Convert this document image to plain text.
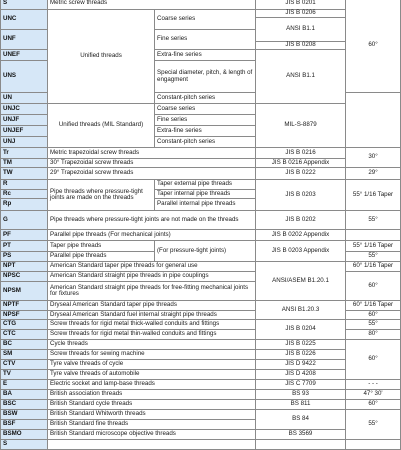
S	Metric screw threads		JIS B 0201	60°
UNC	Unified threads	Coarse series	JIS B 0206	
			ANSI B1.1	
UNF		Fine series		
			JIS B 0208	
UNEF		Extra-fine series	ANSI B1.1	
UNS		Special diameter, pitch, & length of engagment		
UN		Constant-pitch series		
UNJC	Unified threads (MIL Standard)	Coarse series	MIL-S-8879	
UNJF		Fine series		
UNJEF		Extra-fine series		
UNJ		Constant-pitch series		
Tr	Metric trapezoidal screw threads		JIS B 0216	30°
TM	30° Trapezoidal screw threads		JIS B 0216 Appendix	
TW	29° Trapezoidal screw threads		JIS B 0222	29°
R	Pipe threads where pressure-tight joints are made on the threads	Taper external pipe threads	JIS B 0203	55° 1/16 Taper
Rc		Taper internal pipe threads		
Rp		Parallel internal pipe threads		
G	Pipe threads where pressure-tight joints are not made on the threads		JIS B 0202	55°
PF	Parallel pipe threads (For mechanical joints)		JIS B 0202 Appendix	
PT	Taper pipe threads	(For pressure-tight joints)	JIS B 0203 Appendix	55° 1/16 Taper
PS	Parallel pipe threads			55°
NPT	American Standard taper pipe threads for general use		ANSI/ASEM B1.20.1	60° 1/16 Taper
NPSC	American Standard straight pipe threads in pipe couplings			60°
NPSM	American Standard straight pipe threads for free-fitting mechanical joints for fixtures			
NPTF	Dryseal American Standard taper pipe threads		ANSI B1.20.3	60° 1/16 Taper
NPSF	Dryseal American Standard fuel internal straight pipe threads			60°
CTG	Screw threads for rigid metal thick-walled conduits and fittings		JIS B 0204	55°
CTC	Screw threads for rigid metal thin-walled conduits and fittings			80°
BC	Cycle threads		JIS B 0225	60°
SM	Screw threads for sewing machine		JIS B 0226	
CTV	Tyre valve threads of cycle		JIS D 9422	
TV	Tyre valve threads of automobile		JIS D 4208	
E	Electric socket and lamp-base threads		JIS C 7709	- - -
BA	British association threads		BS 93	47° 30'
BSC	British Standard cycle threads		BS 811	60°
BSW	British Standard Whitworth threads		BS 84	55°
BSF	British Standard fine threads			
BSMO	British Standard microscope objective threads		BS 3569	
S				
